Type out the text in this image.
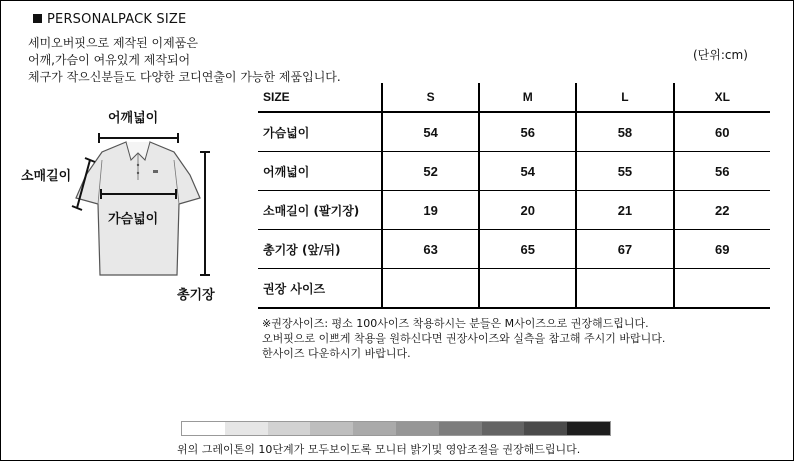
PERSONALPACK SIZE
세미오버핏으로 제작된 이제품은
어깨,가슴이 여유있게 제작되어
체구가 작으신분들도 다양한 코디연출이 가능한 제품입니다.
(단위:cm)
어깨넓이
소매길이
가슴넓이
총기장
SIZE	S	M	L	XL
가슴넓이	54	56	58	60
어깨넓이	52	54	55	56
소매길이 (팔기장)	19	20	21	22
총기장 (앞/뒤)	63	65	67	69
권장 사이즈				
※권장사이즈: 평소 100사이즈 착용하시는 분들은 M사이즈으로 권장해드립니다.
오버핏으로 이쁘게 착용을 원하신다면 권장사이즈와 실측을 참고해 주시기 바랍니다.
한사이즈 다운하시기 바랍니다.
위의 그레이톤의 10단계가 모두보이도록 모니터 밝기및 영암조절을 권장해드립니다.
